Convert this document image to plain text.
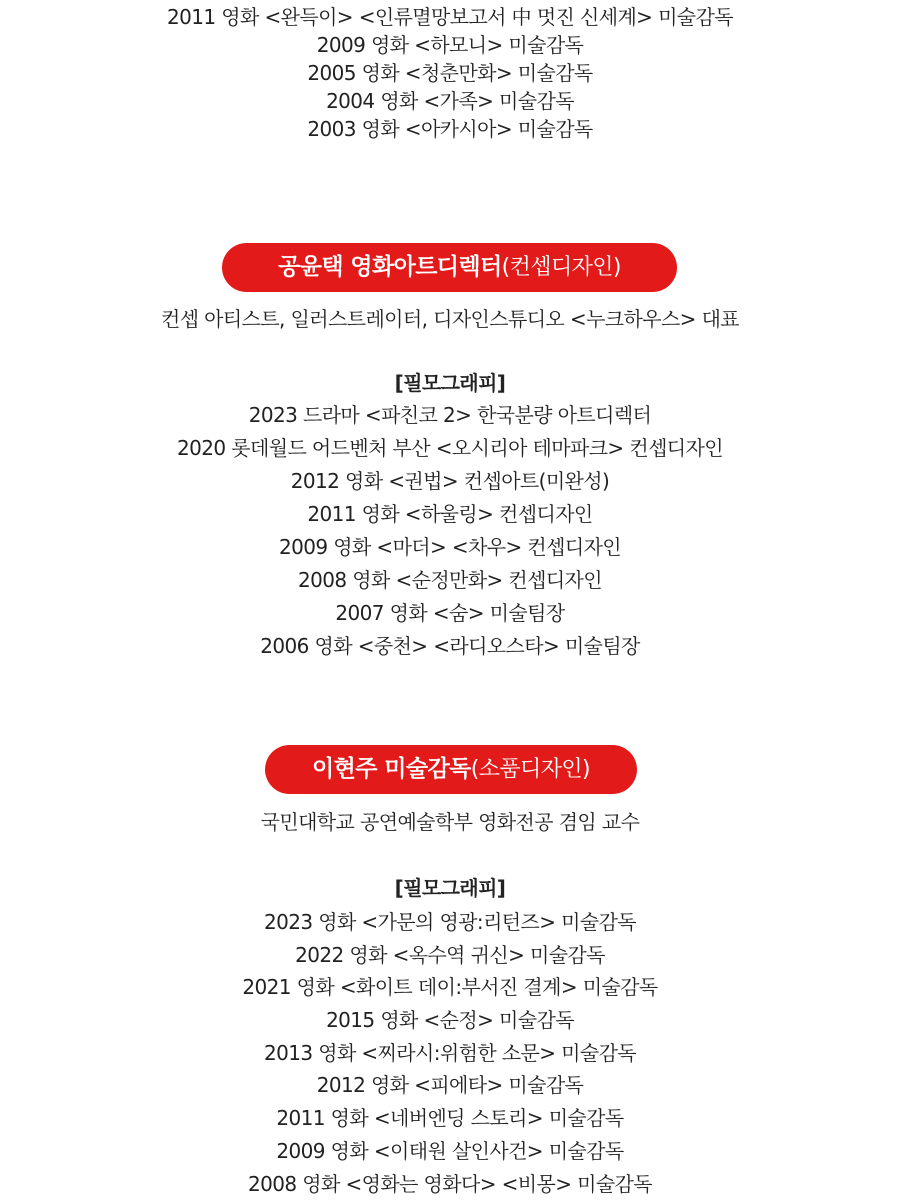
2011 영화 <완득이> <인류멸망보고서 中 멋진 신세계> 미술감독
2009 영화 <하모니> 미술감독
2005 영화 <청춘만화> 미술감독
2004 영화 <가족> 미술감독
2003 영화 <아카시아> 미술감독
공윤택 영화아트디렉터(컨셉디자인)
컨셉 아티스트, 일러스트레이터, 디자인스튜디오 <누크하우스> 대표
[필모그래피]
2023 드라마 <파친코 2> 한국분량 아트디렉터
2020 롯데월드 어드벤처 부산 <오시리아 테마파크> 컨셉디자인
2012 영화 <권법> 컨셉아트(미완성)
2011 영화 <하울링> 컨셉디자인
2009 영화 <마더> <차우> 컨셉디자인
2008 영화 <순정만화> 컨셉디자인
2007 영화 <숨> 미술팀장
2006 영화 <중천> <라디오스타> 미술팀장
이현주 미술감독(소품디자인)
국민대학교 공연예술학부 영화전공 겸임 교수
[필모그래피]
2023 영화 <가문의 영광:리턴즈> 미술감독
2022 영화 <옥수역 귀신> 미술감독
2021 영화 <화이트 데이:부서진 결계> 미술감독
2015 영화 <순정> 미술감독
2013 영화 <찌라시:위험한 소문> 미술감독
2012 영화 <피에타> 미술감독
2011 영화 <네버엔딩 스토리> 미술감독
2009 영화 <이태원 살인사건> 미술감독
2008 영화 <영화는 영화다> <비몽> 미술감독
